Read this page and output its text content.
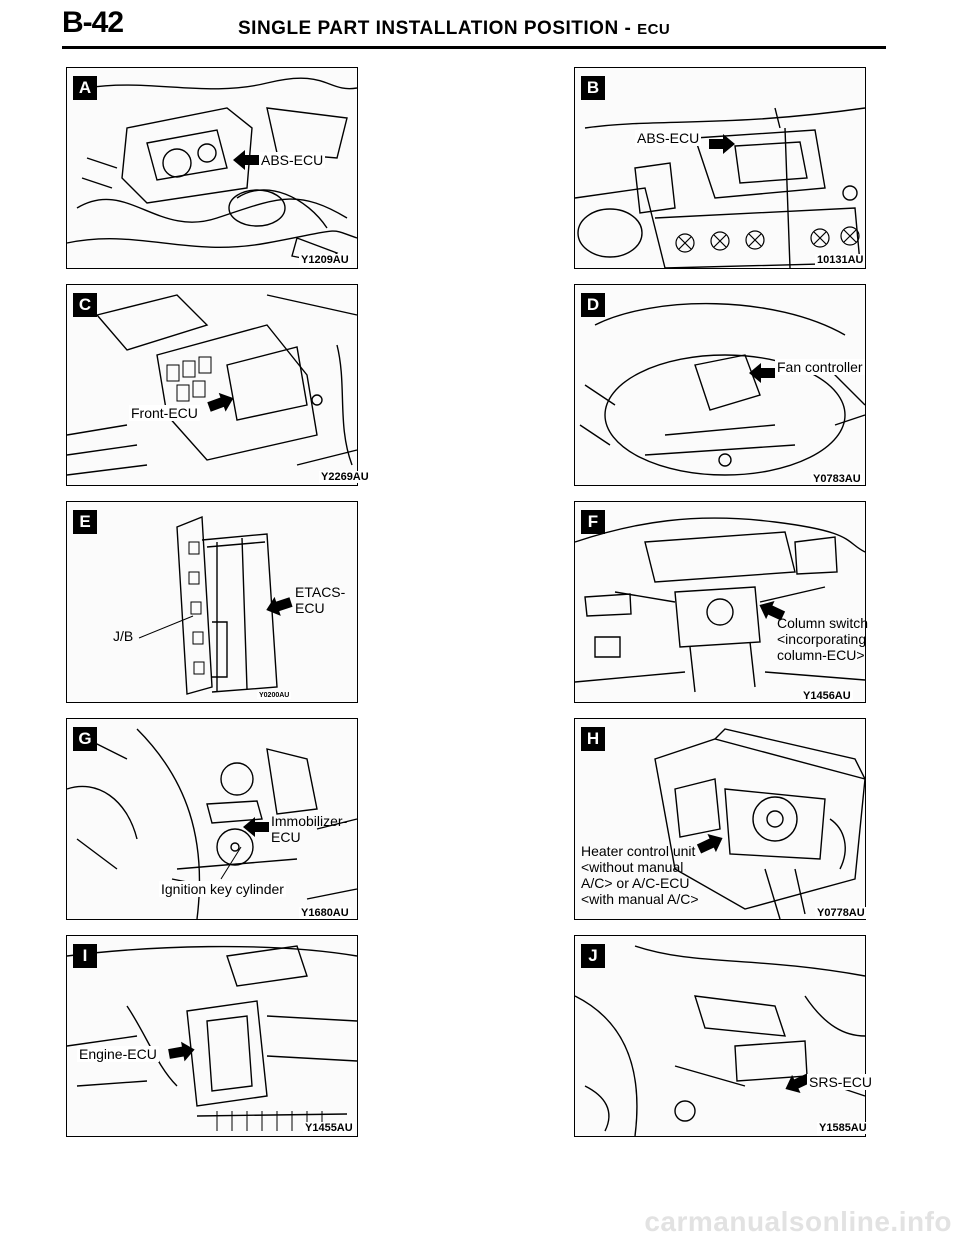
B-42	SINGLE PART INSTALLATION POSITION - ECU
A
ABS-ECU
Y1209AU
B
ABS-ECU
10131AU
C
Front-ECU
Y2269AU
D
Fan controller
Y0783AU
E
ETACS-
ECU
J/B
Y0200AU
F
Column switch
<incorporating
column-ECU>
Y1456AU
G
Immobilizer-
ECU
Ignition key cylinder
Y1680AU
H
Heater control unit
<without manual
A/C> or A/C-ECU
<with manual A/C>
Y0778AU
I
Engine-ECU
Y1455AU
J
SRS-ECU
Y1585AU
carmanualsonline.info
